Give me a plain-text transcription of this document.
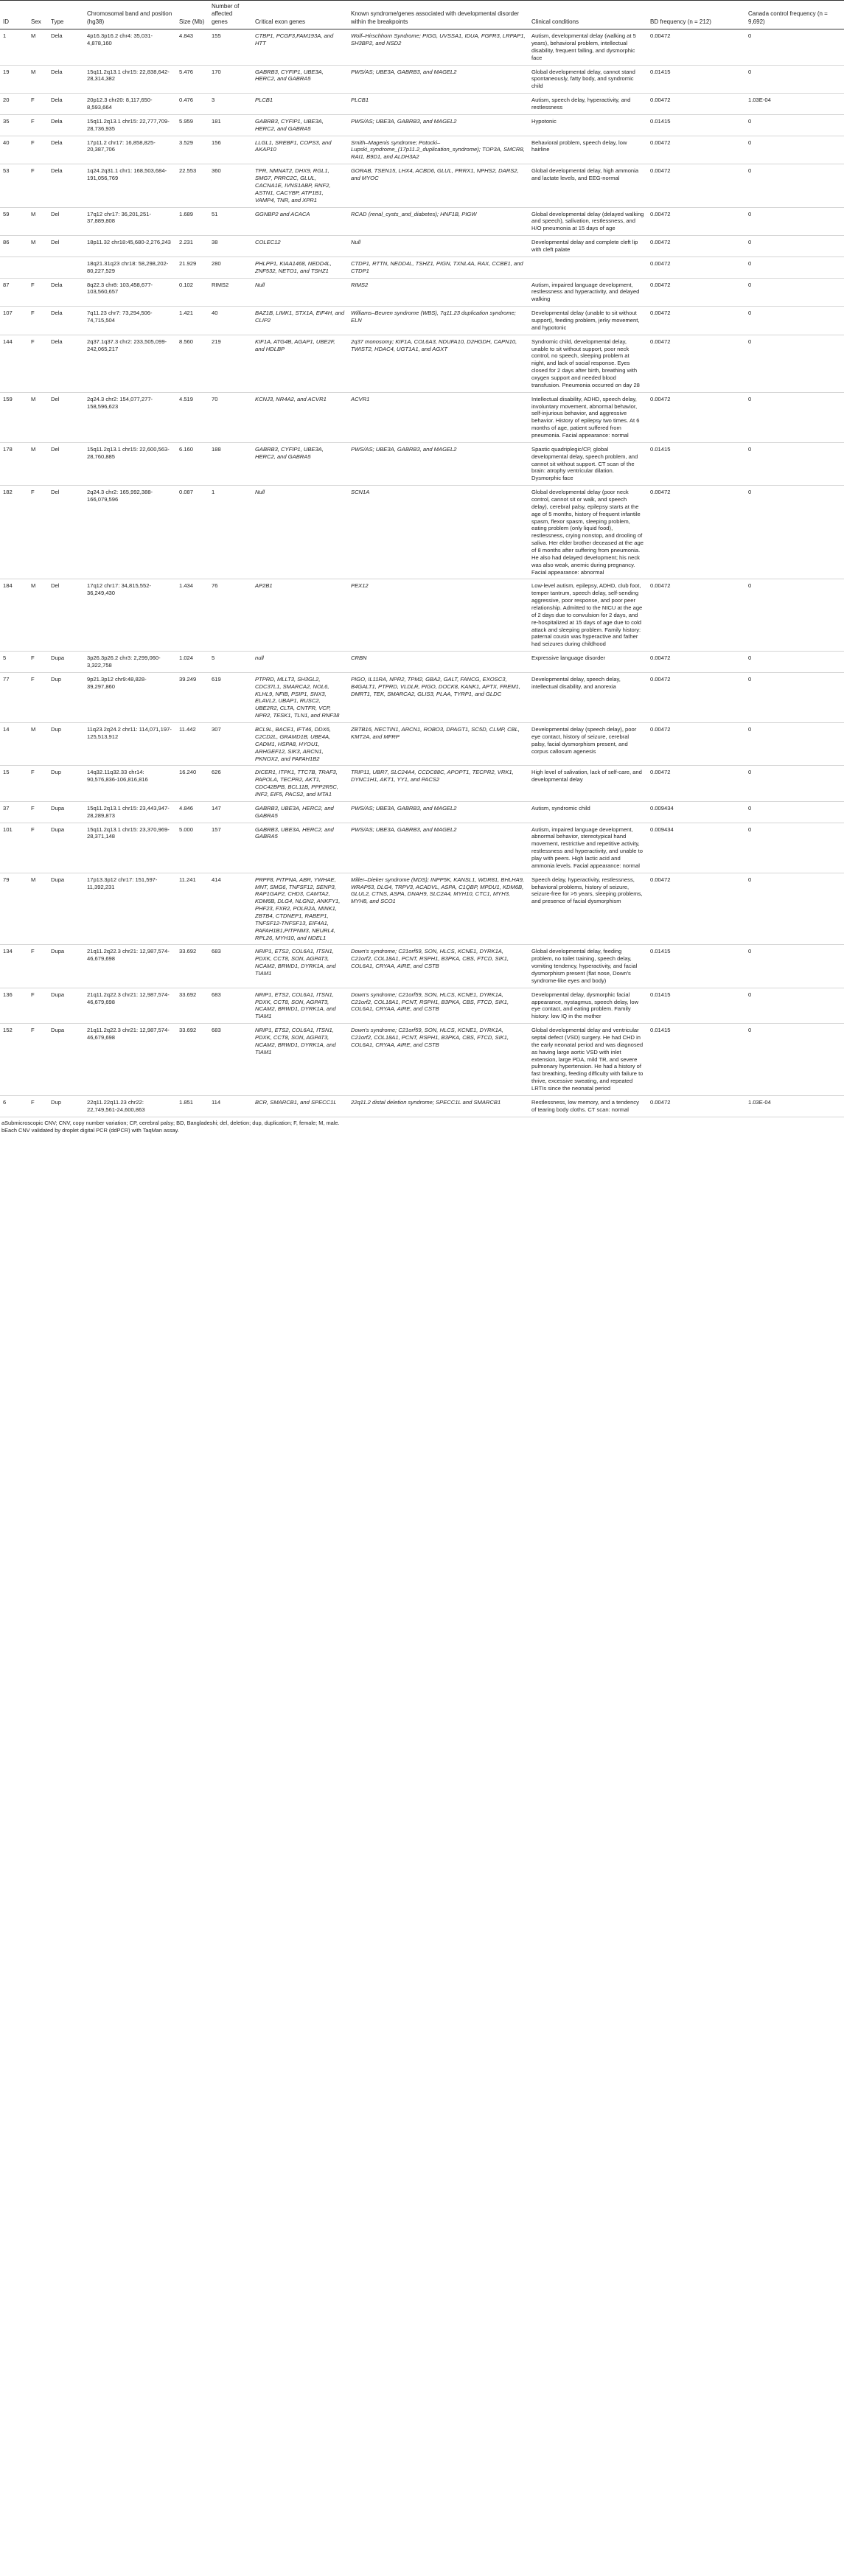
ID	Sex	Type	Chromosomal band and position (hg38)	Size (Mb)	Number of affected genes	Critical exon genes	Known syndrome/genes associated with developmental disorder within the breakpoints	Clinical conditions	BD frequency (n = 212)	Canada control frequency (n = 9,692)
1	M	Dela	4p16.3p16.2 chr4: 35,031-4,878,160	4.843	155	CTBP1, PCGF3,FAM193A, and HTT	Wolf–Hirschhorn Syndrome; PIGG, UVSSA1, IDUA, FGFR3, LRPAP1, SH3BP2, and NSD2	Autism, developmental delay (walking at 5 years), behavioral problem, intellectual disability, frequent falling, and dysmorphic face	0.00472	0
19	M	Dela	15q11.2q13.1 chr15: 22,838,642-28,314,382	5.476	170	GABRB3, CYFIP1, UBE3A, HERC2, and GABRA5	PWS/AS; UBE3A, GABRB3, and MAGEL2	Global developmental delay, cannot stand spontaneously, fatty body, and syndromic child	0.01415	0
20	F	Dela	20p12.3 chr20: 8,117,650-8,593,664	0.476	3	PLCB1	PLCB1	Autism, speech delay, hyperactivity, and restlessness	0.00472	1.03E-04
35	F	Dela	15q11.2q13.1 chr15: 22,777,709-28,736,935	5.959	181	GABRB3, CYFIP1, UBE3A, HERC2, and GABRA5	PWS/AS; UBE3A, GABRB3, and MAGEL2	Hypotonic	0.01415	0
40	F	Dela	17p11.2 chr17: 16,858,825-20,387,706	3.529	156	LLGL1, SREBF1, COPS3, and AKAP10	Smith–Magenis syndrome; Potocki–Lupski_syndrome_(17p11.2_duplication_syndrome); TOP3A, SMCR8, RAI1, B9D1, and ALDH3A2	Behavioral problem, speech delay, low hairline	0.00472	0
53	F	Dela	1q24.2q31.1 chr1: 168,503,684-191,056,769	22.553	360	TPR, NMNAT2, DHX9, RGL1, SMG7, PRRC2C, GLUL, CACNA1E, IVNS1ABP, RNF2, ASTN1, CACYBP, ATP1B1, VAMP4, TNR, and XPR1	GORAB, TSEN15, LHX4, ACBD6, GLUL, PRRX1, NPHS2, DARS2, and MYOC	Global developmental delay, high ammonia and lactate levels, and EEG-normal	0.00472	0
59	M	Del	17q12 chr17: 36,201,251-37,889,808	1.689	51	GGNBP2 and ACACA	RCAD (renal_cysts_and_diabetes); HNF1B, PIGW	Global developmental delay (delayed walking and speech), salivation, restlessness, and H/O pneumonia at 15 days of age	0.00472	0
86	M	Del	18p11.32 chr18:45,680-2,276,243	2.231	38	COLEC12	Null	Developmental delay and complete cleft lip with cleft palate	0.00472	0
			18q21.31q23 chr18: 58,298,202-80,227,529	21.929	280	PHLPP1, KIAA1468, NEDD4L, ZNF532, NETO1, and TSHZ1	CTDP1, RTTN, NEDD4L, TSHZ1, PIGN, TXNL4A, RAX, CCBE1, and CTDP1		0.00472	0
87	F	Dela	8q22.3 chr8: 103,458,677-103,560,657	0.102	RIMS2	Null	RIMS2	Autism, impaired language development, restlessness and hyperactivity, and delayed walking	0.00472	0
107	F	Dela	7q11.23 chr7: 73,294,506-74,715,504	1.421	40	BAZ1B, LIMK1, STX1A, EIF4H, and CLIP2	Williams–Beuren syndrome (WBS), 7q11.23 duplication syndrome; ELN	Developmental delay (unable to sit without support), feeding problem, jerky movement, and hypotonic	0.00472	0
144	F	Dela	2q37.1q37.3 chr2: 233,505,099-242,065,217	8.560	219	KIF1A, ATG4B, AGAP1, UBE2F, and HDLBP	2q37 monosomy; KIF1A, COL6A3, NDUFA10, D2HGDH, CAPN10, TWIST2, HDAC4, UGT1A1, and AGXT	Syndromic child, developmental delay, unable to sit without support, poor neck control, no speech, sleeping problem at night, and lack of social response. Eyes closed for 2 days after birth, breathing with oxygen support and needed blood transfusion. Pneumonia occurred on day 28	0.00472	0
159	M	Del	2q24.3 chr2: 154,077,277-158,596,623	4.519	70	KCNJ3, NR4A2, and ACVR1	ACVR1	Intellectual disability, ADHD, speech delay, involuntary movement, abnormal behavior, self-injurious behavior, and aggressive behavior. History of epilepsy two times. At 6 months of age, patient suffered from pneumonia. Facial appearance: normal	0.00472	0
178	M	Del	15q11.2q13.1 chr15: 22,600,563-28,760,885	6.160	188	GABRB3, CYFIP1, UBE3A, HERC2, and GABRA5	PWS/AS; UBE3A, GABRB3, and MAGEL2	Spastic quadriplegic/CP, global developmental delay, speech problem, and cannot sit without support. CT scan of the brain: atrophy ventricular dilation. Dysmorphic face	0.01415	0
182	F	Del	2q24.3 chr2: 165,992,388-166,079,596	0.087	1	Null	SCN1A	Global developmental delay (poor neck control, cannot sit or walk, and speech delay), cerebral palsy, epilepsy starts at the age of 5 months, history of frequent infantile spasm, flexor spasm, sleeping problem, eating problem (only liquid food), restlessness, crying nonstop, and drooling of saliva. Her elder brother deceased at the age of 8 months after suffering from pneumonia. He also had delayed development; his neck was also weak, anemic during pregnancy. Facial appearance: abnormal	0.00472	0
184	M	Del	17q12 chr17: 34,815,552-36,249,430	1.434	76	AP2B1	PEX12	Low-level autism, epilepsy, ADHD, club foot, temper tantrum, speech delay, self-sending aggressive, poor response, and poor peer relationship. Admitted to the NICU at the age of 2 days due to convulsion for 2 days, and re-hospitalized at 15 days of age due to cold attack and sleeping problem. Family history: paternal cousin was hyperactive and father had seizures during childhood	0.00472	0
5	F	Dupa	3p26.3p26.2 chr3: 2,299,060-3,322,758	1.024	5	null	CRBN	Expressive language disorder	0.00472	0
77	F	Dup	9p21.3p12 chr9:48,828-39,297,860	39.249	619	PTPRD, MLLT3, SH3GL2, CDC37L1, SMARCA2, NOL6, KLHL9, NFIB, PSIP1, SNX3, ELAVL2, UBAP1, RUSC2, UBE2R2, CLTA, CNTFR, VCP, NPR2, TESK1, TLN1, and RNF38	PIGO, IL11RA, NPR2, TPM2, GBA2, GALT, FANCG, EXOSC3, B4GALT1, PTPRD, VLDLR, PIGO, DOCK8, KANK1, APTX, FREM1, DMRT1, TEK, SMARCA2, GLIS3, PLAA, TYRP1, and GLDC	Developmental delay, speech delay, intellectual disability, and anorexia	0.00472	0
14	M	Dup	11q23.2q24.2 chr11: 114,071,197-125,513,912	11.442	307	BCL9L, BACE1, IFT46, DDX6, C2CD2L, GRAMD1B, UBE4A, CADM1, HSPA8, HYOU1, ARHGEF12, SIK3, ARCN1, PKNOX2, and PAFAH1B2	ZBTB16, NECTIN1, ARCN1, ROBO3, DPAGT1, SC5D, CLMP, CBL, KMT2A, and MFRP	Developmental delay (speech delay), poor eye contact, history of seizure, cerebral palsy, facial dysmorphism present, and corpus callosum agenesis	0.00472	0
15	F	Dup	14q32.11q32.33 chr14: 90,576,836-106,816,816	16.240	626	DICER1, ITPK1, TTC7B, TRAF3, PAPOLA, TECPR2, AKT1, CDC42BPB, BCL11B, PPP2R5C, INF2, EIF5, PACS2, and MTA1	TRIP11, UBR7, SLC24A4, CCDC88C, APOPT1, TECPR2, VRK1, DYNC1H1, AKT1, YY1, and PACS2	High level of salivation, lack of self-care, and developmental delay	0.00472	0
37	F	Dupa	15q11.2q13.1 chr15: 23,443,947-28,289,873	4.846	147	GABRB3, UBE3A, HERC2, and GABRA5	PWS/AS; UBE3A, GABRB3, and MAGEL2	Autism, syndromic child	0.009434	0
101	F	Dupa	15q11.2q13.1 chr15: 23,370,969-28,371,148	5.000	157	GABRB3, UBE3A, HERC2, and GABRA5	PWS/AS; UBE3A, GABRB3, and MAGEL2	Autism, impaired language development, abnormal behavior, stereotypical hand movement, restrictive and repetitive activity, restlessness and hyperactivity, and unable to play with peers. High lactic acid and ammonia levels. Facial appearance: normal	0.009434	0
79	M	Dupa	17p13.3p12 chr17: 151,597-11,392,231	11.241	414	PRPF8, PITPNA, ABR, YWHAE, MNT, SMG6, TNFSF12, SENP3, RAP1GAP2, CHD3, CAMTA2, KDM6B, DLG4, NLGN2, ANKFY1, PHF23, FXR2, POLR2A, MINK1, ZBTB4, CTDNEP1, RABEP1, TNFSF12-TNFSF13, EIF4A1, PAFAH1B1,PITPNM3, NEURL4, RPL26, MYH10, and NDEL1	Miller–Dieker syndrome (MDS); INPP5K, KANSL1, WDR81, BHLHA9, WRAP53, DLG4, TRPV3, ACADVL, ASPA, C1QBP, MPDU1, KDM6B, GLUL2, CTNS, ASPA, DNAH9, SLC2A4, MYH10, CTC1, MYH3, MYH8, and SCO1	Speech delay, hyperactivity, restlessness, behavioral problems, history of seizure, seizure-free for >5 years, sleeping problems, and presence of facial dysmorphism	0.00472	0
134	F	Dupa	21q11.2q22.3 chr21: 12,987,574-46,679,698	33.692	683	NRIP1, ETS2, COL6A1, ITSN1, PDXK, CCT8, SON, AGPAT3, NCAM2, BRWD1, DYRK1A, and TIAM1	Down's syndrome; C21orf59, SON, HLCS, KCNE1, DYRK1A, C21orf2, COL18A1, PCNT, RSPH1, B3PKA, CBS, FTCD, SIK1, COL6A1, CRYAA, AIRE, and CSTB	Global developmental delay, feeding problem, no toilet training, speech delay, vomiting tendency, hyperactivity, and facial dysmorphism present (flat nose, Down's syndrome-like eyes and body)	0.01415	0
136	F	Dupa	21q11.2q22.3 chr21: 12,987,574-46,679,698	33.692	683	NRIP1, ETS2, COL6A1, ITSN1, PDXK, CCT8, SON, AGPAT3, NCAM2, BRWD1, DYRK1A, and TIAM1	Down's syndrome; C21orf59, SON, HLCS, KCNE1, DYRK1A, C21orf2, COL18A1, PCNT, RSPH1, B3PKA, CBS, FTCD, SIK1, COL6A1, CRYAA, AIRE, and CSTB	Developmental delay, dysmorphic facial appearance, nystagmus, speech delay, low eye contact, and eating problem. Family history: low IQ in the mother	0.01415	0
152	F	Dupa	21q11.2q22.3 chr21: 12,987,574-46,679,698	33.692	683	NRIP1, ETS2, COL6A1, ITSN1, PDXK, CCT8, SON, AGPAT3, NCAM2, BRWD1, DYRK1A, and TIAM1	Down's syndrome; C21orf59, SON, HLCS, KCNE1, DYRK1A, C21orf2, COL18A1, PCNT, RSPH1, B3PKA, CBS, FTCD, SIK1, COL6A1, CRYAA, AIRE, and CSTB	Global developmental delay and ventricular septal defect (VSD) surgery. He had CHD in the early neonatal period and was diagnosed as having large aortic VSD with inlet extension, large PDA, mild TR, and severe pulmonary hypertension. He had a history of fast breathing, feeding difficulty with failure to thrive, excessive sweating, and repeated LRTIs since the neonatal period	0.01415	0
6	F	Dup	22q11.22q11.23 chr22: 22,749,561-24,600,863	1.851	114	BCR, SMARCB1, and SPECC1L	22q11.2 distal deletion syndrome; SPECC1L and SMARCB1	Restlessness, low memory, and a tendency of tearing body cloths. CT scan: normal	0.00472	1.03E-04

aSubmicroscopic CNV; CNV, copy number variation; CP, cerebral palsy; BD, Bangladeshi; del, deletion; dup, duplication; F, female; M, male.

bEach CNV validated by droplet digital PCR (ddPCR) with TaqMan assay.
